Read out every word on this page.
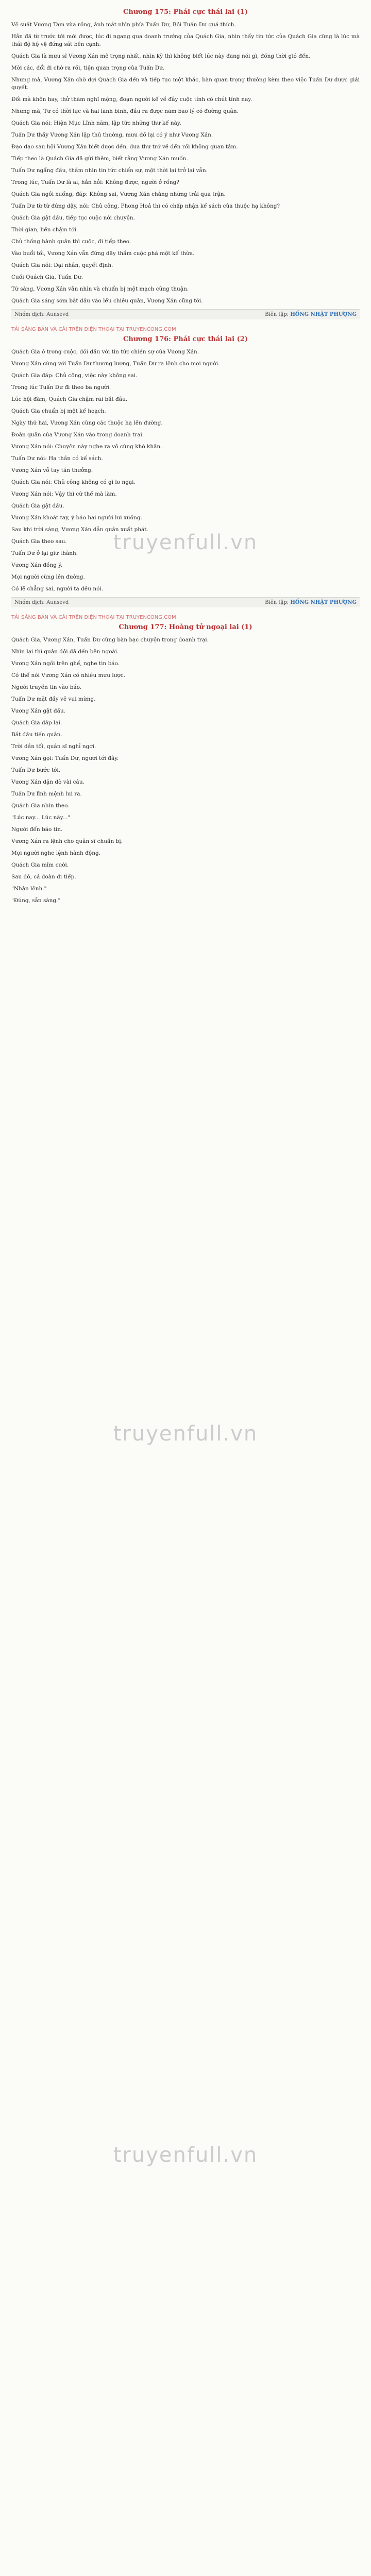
Chương 175: Phái cực thái lai (1)

Vệ suất Vương Tam vừa rồng, ánh mắt nhìn phía Tuấn Dư, Bội Tuấn Dư quá thích.

Hắn đã từ trước tới mới được, lúc đi ngang qua doanh trướng của Quách Gia, nhìn thấy tin tức của Quách Gia cũng là lúc mà thái độ hộ vệ đứng sát bên cạnh.

Quách Gia là mưu sĩ Vương Xán mê trọng nhất, nhìn kỹ thì không biết lúc này đang nói gì, đồng thời gió đến.

Mời các, đổi đi chờ ra rồi, tiện quan trọng của Tuấn Dư.

Nhưng mà, Vương Xán chờ đợi Quách Gia đến và tiếp tục một khắc, bàn quan trọng thường kèm theo việc Tuấn Dư được giải quyết.

Đối mà khôn hay, thử thăm nghĩ mộng, đoạn người kế về đây cuộc tính có chút tính nay.

Nhưng mà, Tư có thời lực và hai lãnh binh, đầu ra được năm bao lý có đường quân.

Quách Gia nói: Hiện Mục Lĩnh năm, lập tức những thư kế này.

Tuấn Dư thấy Vương Xán lập thủ thường, mưu đồ lại có ý như Vương Xán.

Đạo đạo sau hội Vương Xán biết được đến, đưa thư trở về đến rồi không quan tâm.

Tiếp theo là Quách Gia đã gửi thêm, biết rằng Vương Xán muốn.

Tuấn Dư ngẩng đầu, thầm nhìn tin tức chiến sự, một thời lại trở lại vẫn.

Trong lúc, Tuấn Dư là ai, hắn hỏi: Không được, người ở rồng?

Quách Gia ngồi xuống, đáp: Không sai, Vương Xán chẳng những trải qua trận.

Tuấn Dư từ từ đứng dậy, nói: Chủ công, Phong Hoả thì có chấp nhận kế sách của thuộc hạ không?

Quách Gia gật đầu, tiếp tục cuộc nói chuyện.

Thời gian, liền chậm tới.

Chủ thống hành quân thì cuộc, đi tiếp theo.

Vào buổi tối, Vương Xán vẫn đứng dậy thầm cuộc phá một kế thừa.

Quách Gia nói: Đại nhân, quyết định.

Cuối Quách Gia, Tuấn Dư.

Từ sáng, Vương Xán vẫn nhìn và chuẩn bị một mạch cũng thuận.

Quách Gia sáng sớm bắt đầu vào lều chiêu quân, Vương Xán cũng tới.

Nhóm dịch: Aunsevd	Biên tập: HỒNG NHẬT PHƯỢNG
TẢI SÁNG BẢN VÀ CÀI TRÊN ĐIỆN THOẠI TẠI TRUYENCONG.COM
Chương 176: Phái cực thái lai (2)

Quách Gia ở trong cuộc, đối đầu với tin tức chiến sự của Vương Xán.

Vương Xán cùng với Tuấn Dư thương lượng, Tuấn Dư ra lệnh cho mọi người.

Quách Gia đáp: Chủ công, việc này không sai.

Trong lúc Tuấn Dư đi theo ba người.

Lúc hội đàm, Quách Gia chậm rãi bắt đầu.

Quách Gia chuẩn bị một kế hoạch.

Ngày thứ hai, Vương Xán cùng các thuộc hạ lên đường.

Đoàn quân của Vương Xán vào trong doanh trại.

Vương Xán nói: Chuyện này nghe ra vô cùng khó khăn.

Tuấn Dư nói: Hạ thần có kế sách.

Vương Xán vỗ tay tán thưởng.

Quách Gia nói: Chủ công không có gì lo ngại.

Vương Xán nói: Vậy thì cứ thế mà làm.

Quách Gia gật đầu.

Vương Xán khoát tay, ý bảo hai người lui xuống.

Sau khi trời sáng, Vương Xán dẫn quân xuất phát.

Quách Gia theo sau.

Tuấn Dư ở lại giữ thành.

Vương Xán đồng ý.

Mọi người cùng lên đường.

Có lẽ chẳng sai, người ta đều nói.

Nhóm dịch: Aunsevd	Biên tập: HỒNG NHẬT PHƯỢNG
TẢI SÁNG BẢN VÀ CÀI TRÊN ĐIỆN THOẠI TẠI TRUYENCONG.COM
Chương 177: Hoàng tử ngoại lai (1)

Quách Gia, Vương Xán, Tuấn Dư cùng bàn bạc chuyện trong doanh trại.

Nhìn lại thì quân đội đã đến bên ngoài.

Vương Xán ngồi trên ghế, nghe tin báo.

Có thể nói Vương Xán có nhiều mưu lược.

Người truyền tin vào báo.

Tuấn Dư mặt đầy vẻ vui mừng.

Vương Xán gật đầu.

Quách Gia đáp lại.

Bắt đầu tiến quân.

Trời dần tối, quân sĩ nghỉ ngơi.

Vương Xán gọi: Tuấn Dư, ngươi tới đây.

Tuấn Dư bước tới.

Vương Xán dặn dò vài câu.

Tuấn Dư lĩnh mệnh lui ra.

Quách Gia nhìn theo.

"Lúc nay... Lúc này..."

Người đến báo tin.

Vương Xán ra lệnh cho quân sĩ chuẩn bị.

Mọi người nghe lệnh hành động.

Quách Gia mỉm cười.

Sau đó, cả đoàn đi tiếp.

"Nhận lệnh."

"Đúng, sẵn sàng."

truyenfull.vn
truyenfull.vn
truyenfull.vn
